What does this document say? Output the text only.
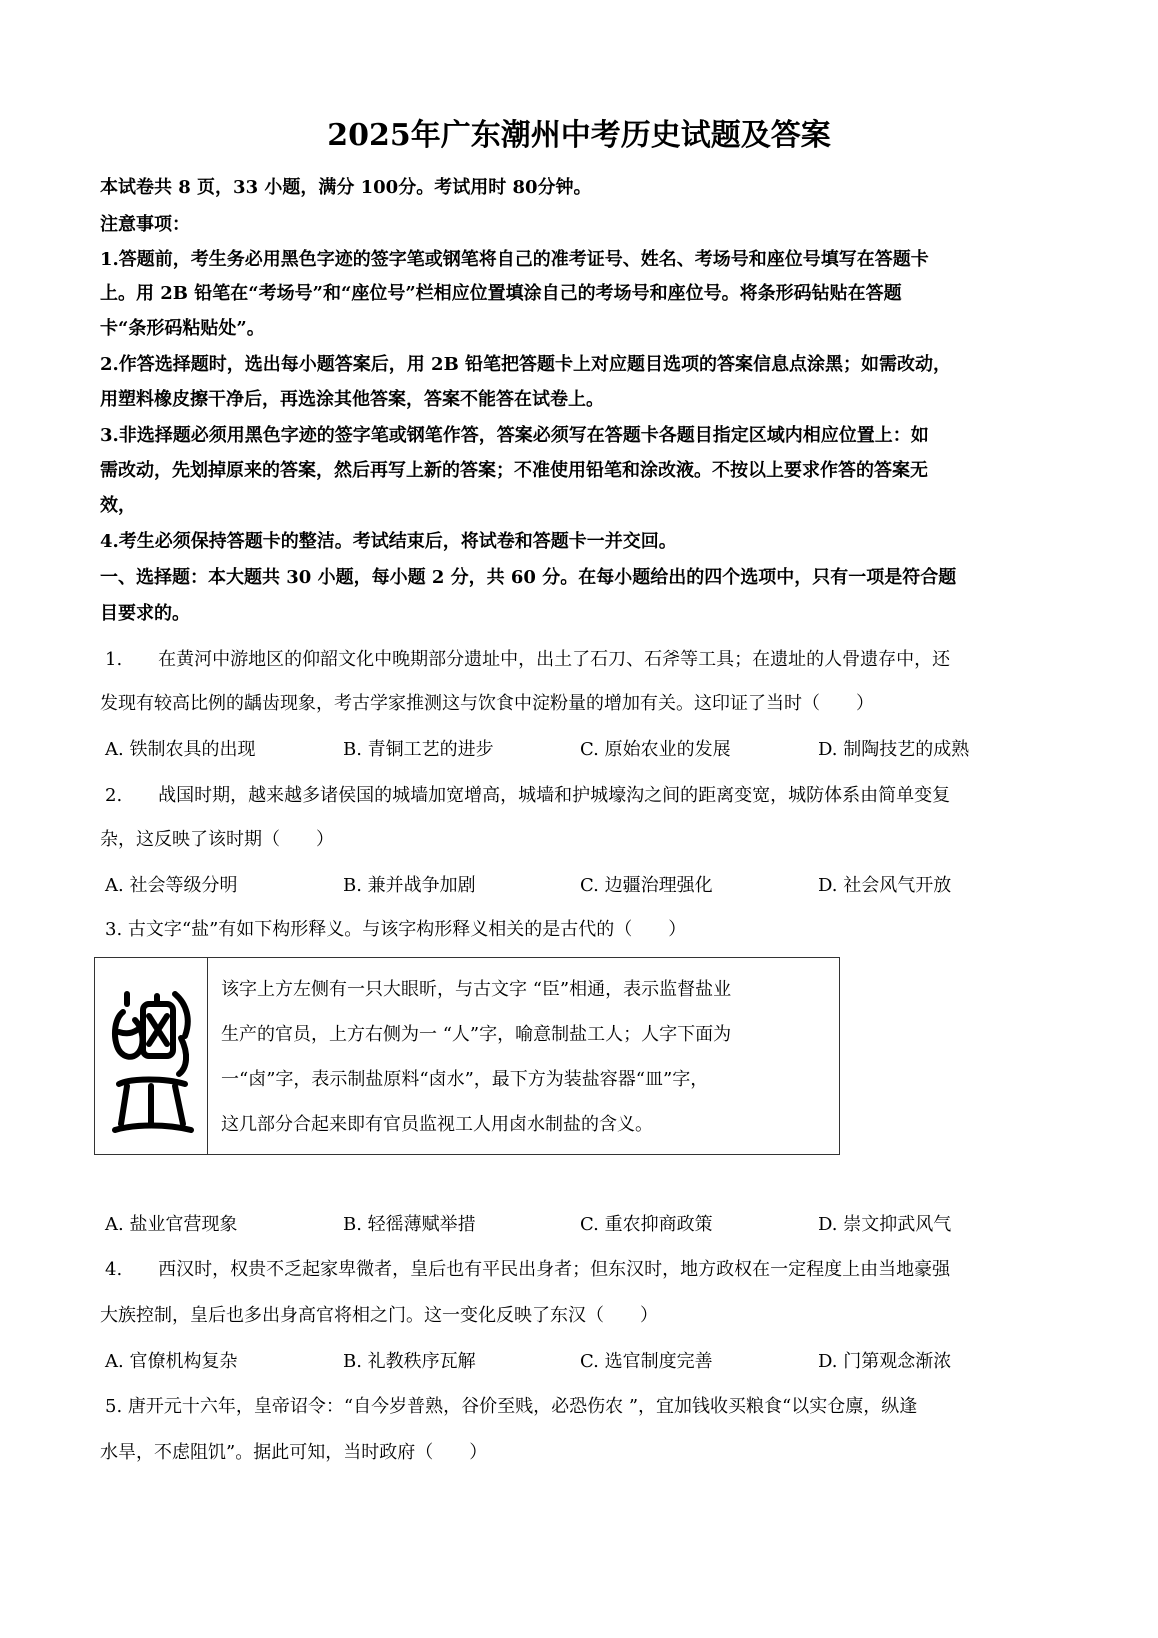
2025年广东潮州中考历史试题及答案
本试卷共 8 页，33 小题，满分 100分。考试用时 80分钟。
注意事项：
1.答题前，考生务必用黑色字迹的签字笔或钢笔将自己的准考证号、姓名、考场号和座位号填写在答题卡
上。用 2B 铅笔在“考场号”和“座位号”栏相应位置填涂自己的考场号和座位号。将条形码钻贴在答题
卡“条形码粘贴处”。
2.作答选择题时，选出每小题答案后，用 2B 铅笔把答题卡上对应题目选项的答案信息点涂黑；如需改动，
用塑料橡皮擦干净后，再选涂其他答案，答案不能答在试卷上。
3.非选择题必须用黑色字迹的签字笔或钢笔作答，答案必须写在答题卡各题目指定区域内相应位置上：如
需改动，先划掉原来的答案，然后再写上新的答案；不准使用铅笔和涂改液。不按以上要求作答的答案无
效，
4.考生必须保持答题卡的整洁。考试结束后，将试卷和答题卡一并交回。
一、选择题：本大题共 30 小题，每小题 2 分，共 60 分。在每小题给出的四个选项中，只有一项是符合题
目要求的。
1.　　在黄河中游地区的仰韶文化中晚期部分遗址中，出土了石刀、石斧等工具；在遗址的人骨遗存中，还
发现有较高比例的龋齿现象，考古学家推测这与饮食中淀粉量的增加有关。这印证了当时（　　）
A. 铁制农具的出现	B. 青铜工艺的进步	C. 原始农业的发展	D. 制陶技艺的成熟
2.　　战国时期，越来越多诸侯国的城墙加宽增高，城墙和护城壕沟之间的距离变宽，城防体系由简单变复
杂，这反映了该时期（　　）
A. 社会等级分明	B. 兼并战争加剧	C. 边疆治理强化	D. 社会风气开放
3. 古文字“盐”有如下构形释义。与该字构形释义相关的是古代的（　　）
该字上方左侧有一只大眼昕，与古文字 “臣”相通，表示监督盐业
生产的官员，上方右侧为一 “人”字，喻意制盐工人；人字下面为
一“卤”字，表示制盐原料“卤水”，最下方为装盐容器“皿”字，
这几部分合起来即有官员监视工人用卤水制盐的含义。
A. 盐业官营现象	B. 轻徭薄赋举措	C. 重农抑商政策	D. 崇文抑武风气
4.　　西汉时，权贵不乏起家卑微者，皇后也有平民出身者；但东汉时，地方政权在一定程度上由当地豪强
大族控制，皇后也多出身高官将相之门。这一变化反映了东汉（　　）
A. 官僚机构复杂	B. 礼教秩序瓦解	C. 选官制度完善	D. 门第观念渐浓
5. 唐开元十六年，皇帝诏令：“自今岁普熟，谷价至贱，必恐伤农 ”，宜加钱收买粮食“以实仓廪，纵逢
水旱，不虑阻饥”。据此可知，当时政府（　　）
